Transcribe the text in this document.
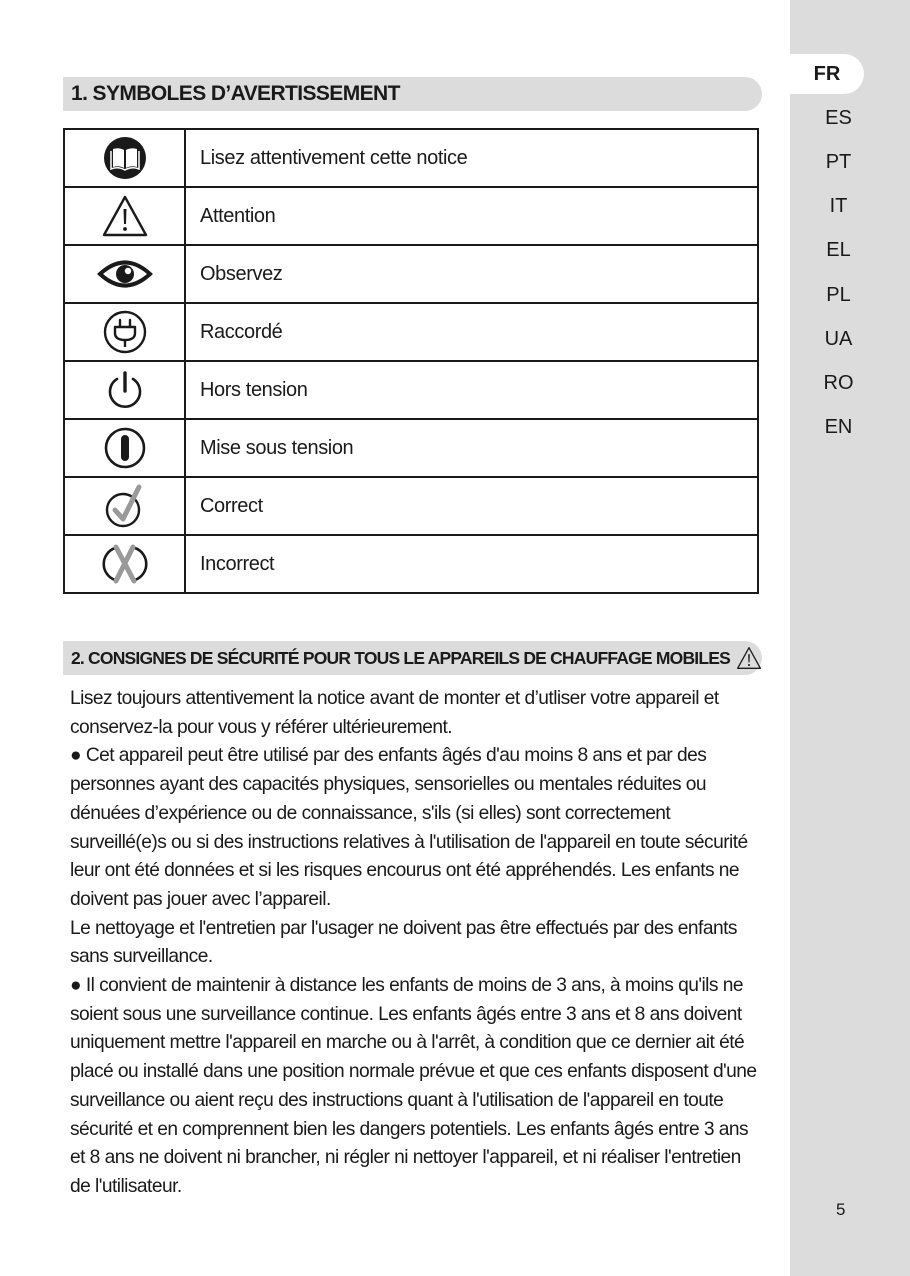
1. SYMBOLES D’AVERTISSEMENT
	Lisez attentivement cette notice

	Attention

	Observez

	Raccordé

	Hors tension

	Mise sous tension

	Correct

	Incorrect
2. CONSIGNES DE SÉCURITÉ POUR TOUS LE APPAREILS DE CHAUFFAGE MOBILES

Lisez toujours attentivement la notice avant de monter et d’utliser votre appareil et conservez-la pour vous y référer ultérieurement.

● Cet appareil peut être utilisé par des enfants âgés d'au moins 8 ans et par des personnes ayant des capacités physiques, sensorielles ou mentales réduites ou dénuées d’expérience ou de connaissance, s'ils (si elles) sont correctement surveillé(e)s ou si des instructions relatives à l'utilisation de l'appareil en toute sécurité leur ont été données et si les risques encourus ont été appréhendés. Les enfants ne doivent pas jouer avec l’appareil.

Le nettoyage et l'entretien par l'usager ne doivent pas être effectués par des enfants sans surveillance.

● Il convient de maintenir à distance les enfants de moins de 3 ans, à moins qu'ils ne soient sous une surveillance continue. Les enfants âgés entre 3 ans et 8 ans doivent uniquement mettre l'appareil en marche ou à l'arrêt, à condition que ce dernier ait été placé ou installé dans une position normale prévue et que ces enfants disposent d'une surveillance ou aient reçu des instructions quant à l'utilisation de l'appareil en toute sécurité et en comprennent bien les dangers potentiels. Les enfants âgés entre 3 ans et 8 ans ne doivent ni brancher, ni régler ni nettoyer l'appareil, et ni réaliser l'entretien de l'utilisateur.

FR
ES
PT
IT
EL
PL
UA
RO
EN
5
